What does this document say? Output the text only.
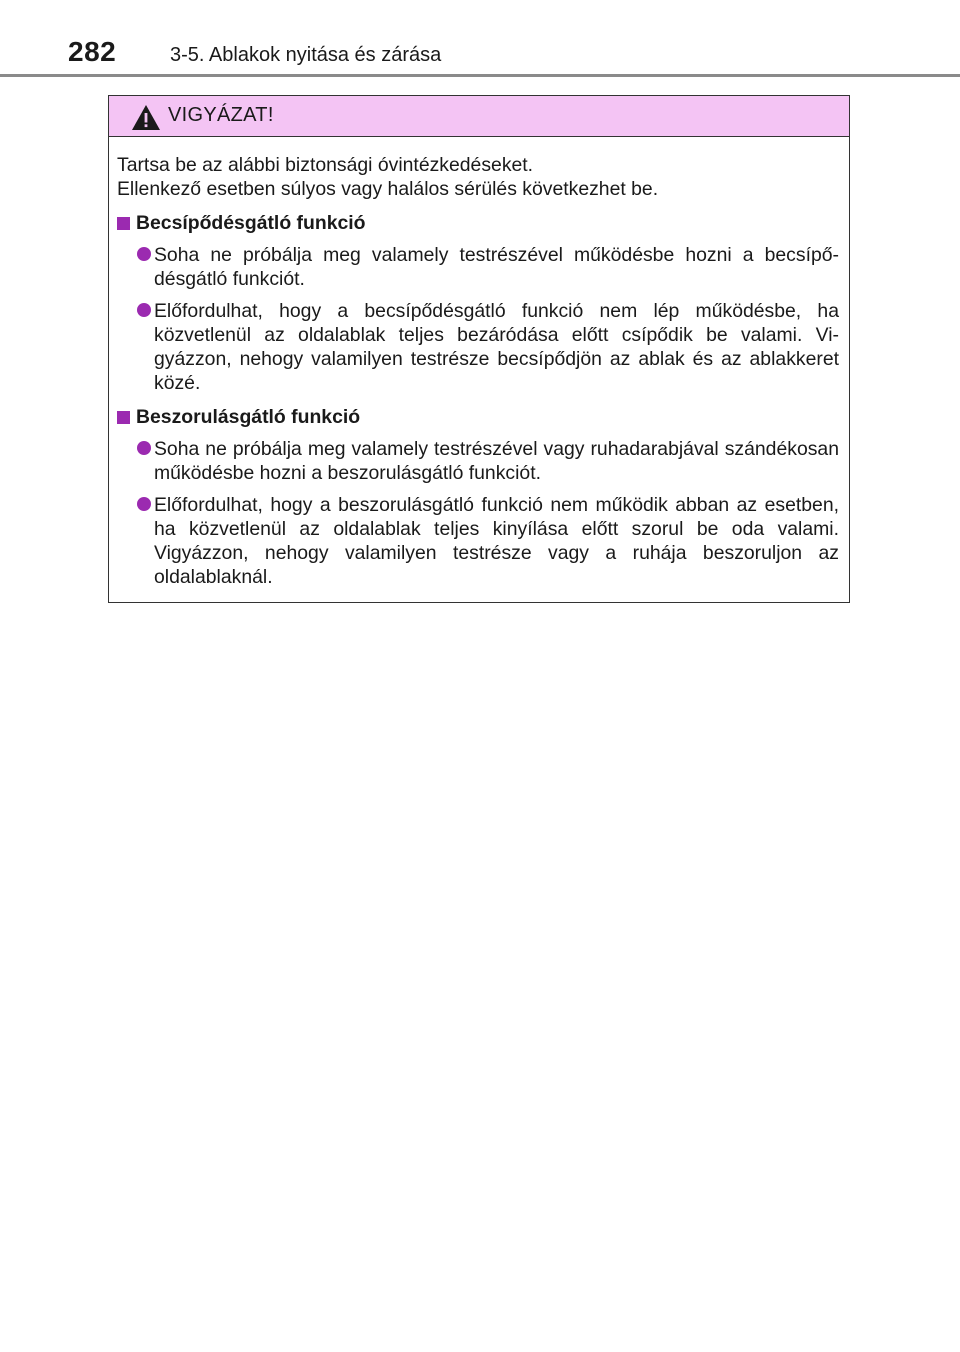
282	3-5. Ablakok nyitása és zárása
VIGYÁZAT!

Tartsa be az alábbi biztonsági óvintézkedéseket.

Ellenkező esetben súlyos vagy halálos sérülés következhet be.

Becsípődésgátló funkció
Soha ne próbálja meg valamely testrészével működésbe hozni a becsípődésgátló funkciót.
Előfordulhat, hogy a becsípődésgátló funkció nem lép működésbe, ha közvetlenül az oldalablak teljes bezáródása előtt csípődik be valami. Vigyázzon, nehogy valamilyen testrésze becsípődjön az ablak és az ablakkeret közé.
Beszorulásgátló funkció
Soha ne próbálja meg valamely testrészével vagy ruhadarabjával szándékosan működésbe hozni a beszorulásgátló funkciót.
Előfordulhat, hogy a beszorulásgátló funkció nem működik abban az esetben, ha közvetlenül az oldalablak teljes kinyílása előtt szorul be oda valami. Vigyázzon, nehogy valamilyen testrésze vagy a ruhája beszoruljon az oldalablaknál.
